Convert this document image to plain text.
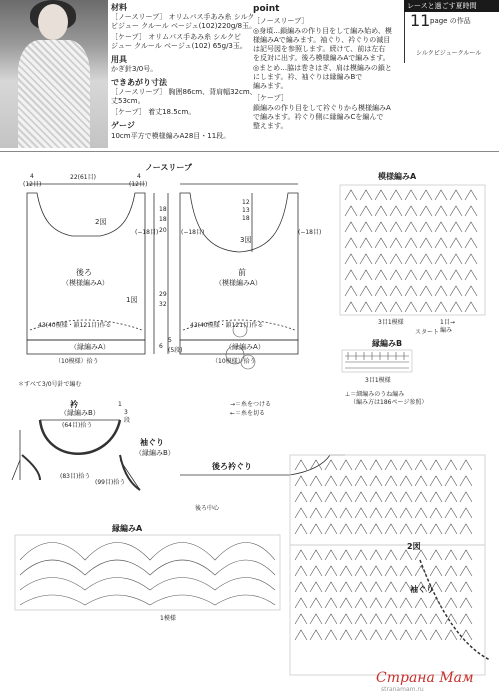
レースと過ごす夏時間
11 page の作品
シルクピジュークルール
材料
［ノースリーブ］ オリムパス手あみ糸 シルク
ビジュー クルール ベージュ(102)220g/8玉。
［ケープ］ オリムパス手あみ糸 シルクビ
ジュー クルール ベージュ(102) 65g/3玉。
用具
かぎ針3/0号。
できあがり寸法
［ノースリーブ］ 胸囲86cm、背肩幅32cm、
丈53cm。
［ケープ］ 着丈18.5cm。
ゲージ
10cm平方で模様編みA28目・11段。
point
［ノースリーブ］
◎身頃…鎖編みの作り目をして編み始め、模
様編みAで編みます。袖ぐり、衿ぐりの減目
は記号図を参照します。続けて、前は左右
を反対に出す。後ろ模様編みAで編みます。
◎まとめ…脇は巻きはぎ、肩は模編みの鎖と
にします。衿、袖ぐりは縁編みBで
編みます。
［ケープ］
鎖編みの作り目をして衿ぐりから模様編みA
で編みます。衿ぐり側に縁編みCを編んで
整えます。
ノースリーブ
2図
3図
1図
後ろ
（模様編みA）
前
（模様編みA）
（縁編みA）	（縁編みA）
43(40模様・鎖121目)作る	43(40模様・鎖121目)作る
（10模様）拾う	（10模様）拾う
＊すべて3/0号針で編む
4
(12目)
22(61目)	4
(12目)
18
20
29
32
18
12
13
18
6
5
(5段)
(−18目)	(−18目)	(−18目)
模様編みA
3目1模様	1目→
編み
スタート
縁編みB
3目1模様
⊥＝細編みのうね編み
（編み方は186ページ参照）
衿
（縁編みB）
(64目)拾う
(83目)拾う
(99目)拾う
袖ぐり
（縁編みB）
1
3
段
→＝糸をつける
←＝糸を切る
後ろ衿ぐり
後ろ中心
縁編みA
1模様
2図
袖ぐり
Страна Мам
stranamam.ru
